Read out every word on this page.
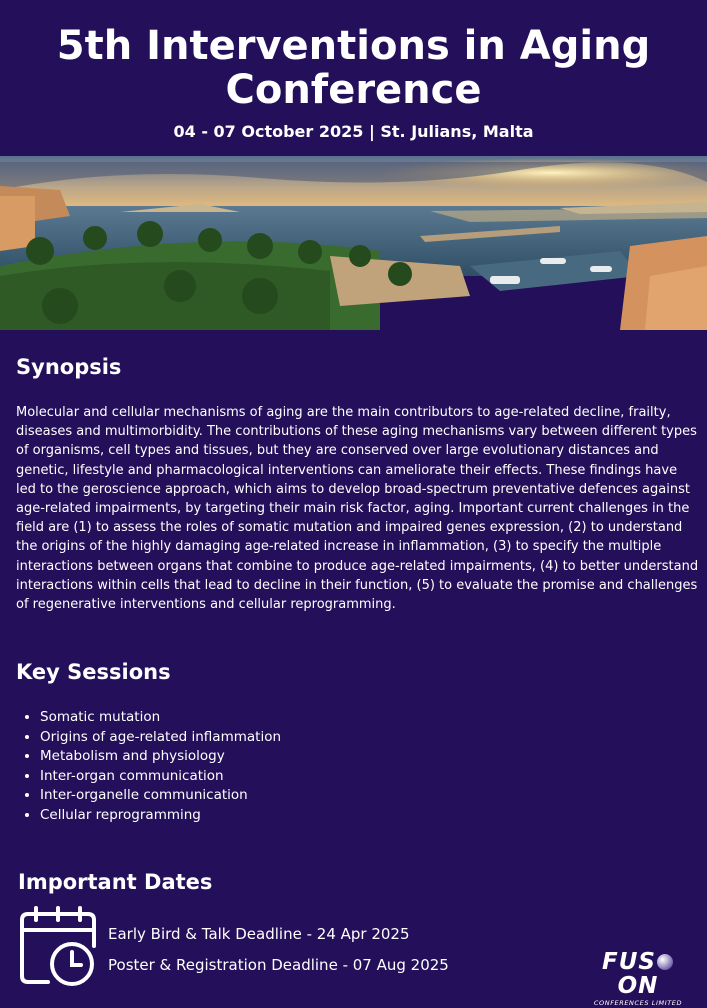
5th Interventions in Aging Conference
04 - 07 October 2025 | St. Julians, Malta
Synopsis

Molecular and cellular mechanisms of aging are the main contributors to age-related decline, frailty, diseases and multimorbidity. The contributions of these aging mechanisms vary between different types of organisms, cell types and tissues, but they are conserved over large evolutionary distances and genetic, lifestyle and pharmacological interventions can ameliorate their effects. These findings have led to the geroscience approach, which aims to develop broad-spectrum preventative defences against age-related impairments, by targeting their main risk factor, aging. Important current challenges in the field are (1) to assess the roles of somatic mutation and impaired genes expression, (2) to understand the origins of the highly damaging age-related increase in inflammation, (3) to specify the multiple interactions between organs that combine to produce age-related impairments, (4) to better understand interactions within cells that lead to decline in their function, (5) to evaluate the promise and challenges of regenerative interventions and cellular reprogramming.

Key Sessions
• Somatic mutation
• Origins of age-related inflammation
• Metabolism and physiology
• Inter-organ communication
• Inter-organelle communication
• Cellular reprogramming
Important Dates
Early Bird & Talk Deadline - 24 Apr 2025
Poster & Registration Deadline - 07 Aug 2025	FUSON
CONFERENCES LIMITED
